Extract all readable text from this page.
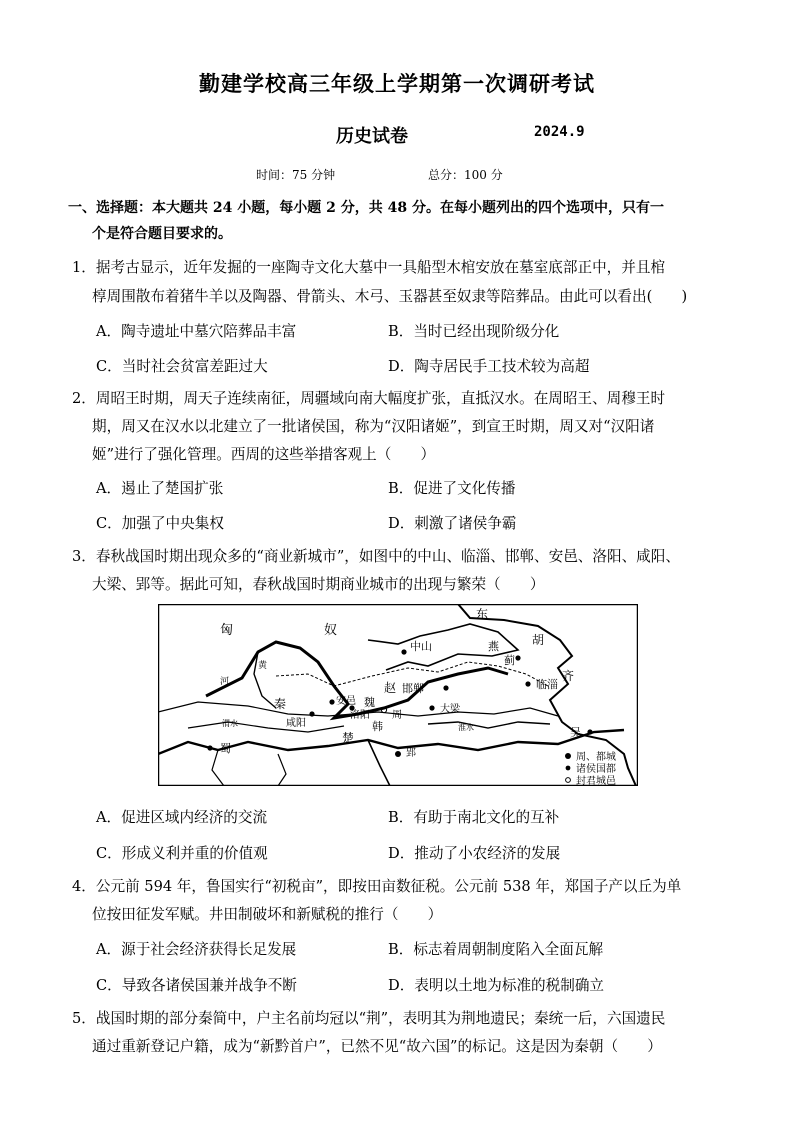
勤建学校高三年级上学期第一次调研考试
历史试卷	2024.9
时间：75 分钟	总分：100 分
一、选择题：本大题共 24 小题，每小题 2 分，共 48 分。在每小题列出的四个选项中，只有一
个是符合题目要求的。
1．据考古显示，近年发掘的一座陶寺文化大墓中一具船型木棺安放在墓室底部正中，并且棺
椁周围散布着猪牛羊以及陶器、骨箭头、木弓、玉器甚至奴隶等陪葬品。由此可以看出(　　)
A．陶寺遗址中墓穴陪葬品丰富	B．当时已经出现阶级分化
C．当时社会贫富差距过大	D．陶寺居民手工技术较为高超
2．周昭王时期，周天子连续南征，周疆域向南大幅度扩张，直抵汉水。在周昭王、周穆王时
期，周又在汉水以北建立了一批诸侯国，称为“汉阳诸姬”，到宣王时期，周又对“汉阳诸
姬”进行了强化管理。西周的这些举措客观上（　　）
A．遏止了楚国扩张	B．促进了文化传播
C．加强了中央集权	D．刺激了诸侯争霸
3．春秋战国时期出现众多的“商业新城市”，如图中的中山、临淄、邯郸、安邑、洛阳、咸阳、
大梁、郢等。据此可知，春秋战国时期商业城市的出现与繁荣（　　）
东
胡
匈	奴
黄
河
燕
蓟
中山
齐
临淄
赵 邯郸
秦	安邑 魏
咸阳
洛阳 周
大梁
韩
渭水	淮水
蜀
楚
郢
吴
周、都城
诸侯国都
封君城邑
A．促进区域内经济的交流	B．有助于南北文化的互补
C．形成义利并重的价值观	D．推动了小农经济的发展
4．公元前 594 年，鲁国实行“初税亩”，即按田亩数征税。公元前 538 年，郑国子产以丘为单
位按田征发军赋。井田制破坏和新赋税的推行（　　）
A．源于社会经济获得长足发展	B．标志着周朝制度陷入全面瓦解
C．导致各诸侯国兼并战争不断	D．表明以土地为标准的税制确立
5．战国时期的部分秦简中，户主名前均冠以“荆”，表明其为荆地遗民；秦统一后，六国遗民
通过重新登记户籍，成为“新黔首户”，已然不见“故六国”的标记。这是因为秦朝（　　）
